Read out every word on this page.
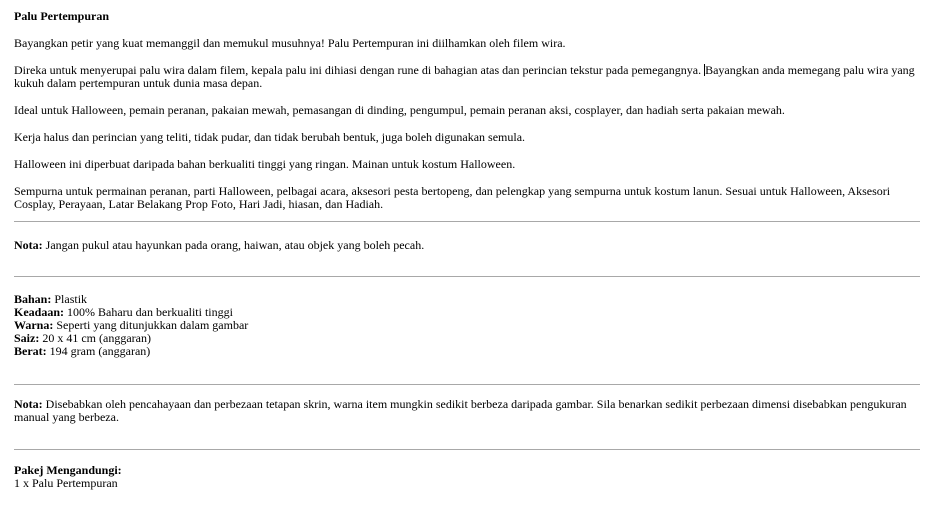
Palu Pertempuran

Bayangkan petir yang kuat memanggil dan memukul musuhnya! Palu Pertempuran ini diilhamkan oleh filem wira.

Direka untuk menyerupai palu wira dalam filem, kepala palu ini dihiasi dengan rune di bahagian atas dan perincian tekstur pada pemegangnya. Bayangkan anda memegang palu wira yang kukuh dalam pertempuran untuk dunia masa depan.

Ideal untuk Halloween, pemain peranan, pakaian mewah, pemasangan di dinding, pengumpul, pemain peranan aksi, cosplayer, dan hadiah serta pakaian mewah.

Kerja halus dan perincian yang teliti, tidak pudar, dan tidak berubah bentuk, juga boleh digunakan semula.

Halloween ini diperbuat daripada bahan berkualiti tinggi yang ringan. Mainan untuk kostum Halloween.

Sempurna untuk permainan peranan, parti Halloween, pelbagai acara, aksesori pesta bertopeng, dan pelengkap yang sempurna untuk kostum lanun. Sesuai untuk Halloween, Aksesori Cosplay, Perayaan, Latar Belakang Prop Foto, Hari Jadi, hiasan, dan Hadiah.

Nota: Jangan pukul atau hayunkan pada orang, haiwan, atau objek yang boleh pecah.
Bahan: Plastik
Keadaan: 100% Baharu dan berkualiti tinggi
Warna: Seperti yang ditunjukkan dalam gambar
Saiz: 20 x 41 cm (anggaran)
Berat: 194 gram (anggaran)
Nota: Disebabkan oleh pencahayaan dan perbezaan tetapan skrin, warna item mungkin sedikit berbeza daripada gambar. Sila benarkan sedikit perbezaan dimensi disebabkan pengukuran manual yang berbeza.
Pakej Mengandungi:
1 x Palu Pertempuran
